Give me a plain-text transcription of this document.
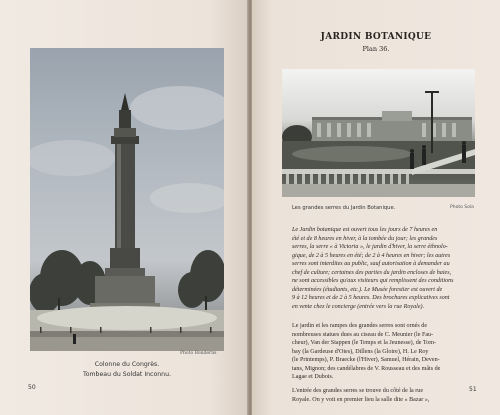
Photo Bonderns
Colonne du Congrès.
Tombeau du Soldat Inconnu.
50
JARDIN BOTANIQUE
Plan 36.
Les grandes serres du Jardin Botanique.	Photo Sola
Le Jardin botanique est ouvert tous les jours de 7 heures en
été et de 8 heures en hiver, à la tombée du jour; les grandes
serres, la serre « à Victoria », le jardin d'hiver, la serre éthnolo-
gique, de 2 à 5 heures en été; de 2 à 4 heures en hiver; les autres
serres sont interdites au public, sauf autorisation à demander au
chef de culture; certaines des parties du jardin encloses de haies,
ne sont accessibles qu'aux visiteurs qui remplissent des conditions
déterminées (étudiants, etc.). Le Musée forestier est ouvert de
9 à 12 heures et de 2 à 5 heures. Des brochures explicatives sont
en vente chez le concierge (entrée vers la rue Royale).
Le jardin et les rampes des grandes serres sont ornés de
nombreuses statues dues au ciseau de C. Meunier (le Fau-
cheur), Van der Stappen (le Temps et la Jeunesse), de Tom-
bay (la Gardeuse d'Oies), Dillens (la Gloire), H. Le Roy
(le Printemps), P. Braecke (l'Hiver), Samuel, Hérain, Deven-
tans, Mignon; des candélabres de V. Rousseau et des mâts de
Lagae et Dubois.
L'entrée des grandes serres se trouve du côté de la rue
Royale. On y voit en premier lieu la salle dite « Bazar »,
51
